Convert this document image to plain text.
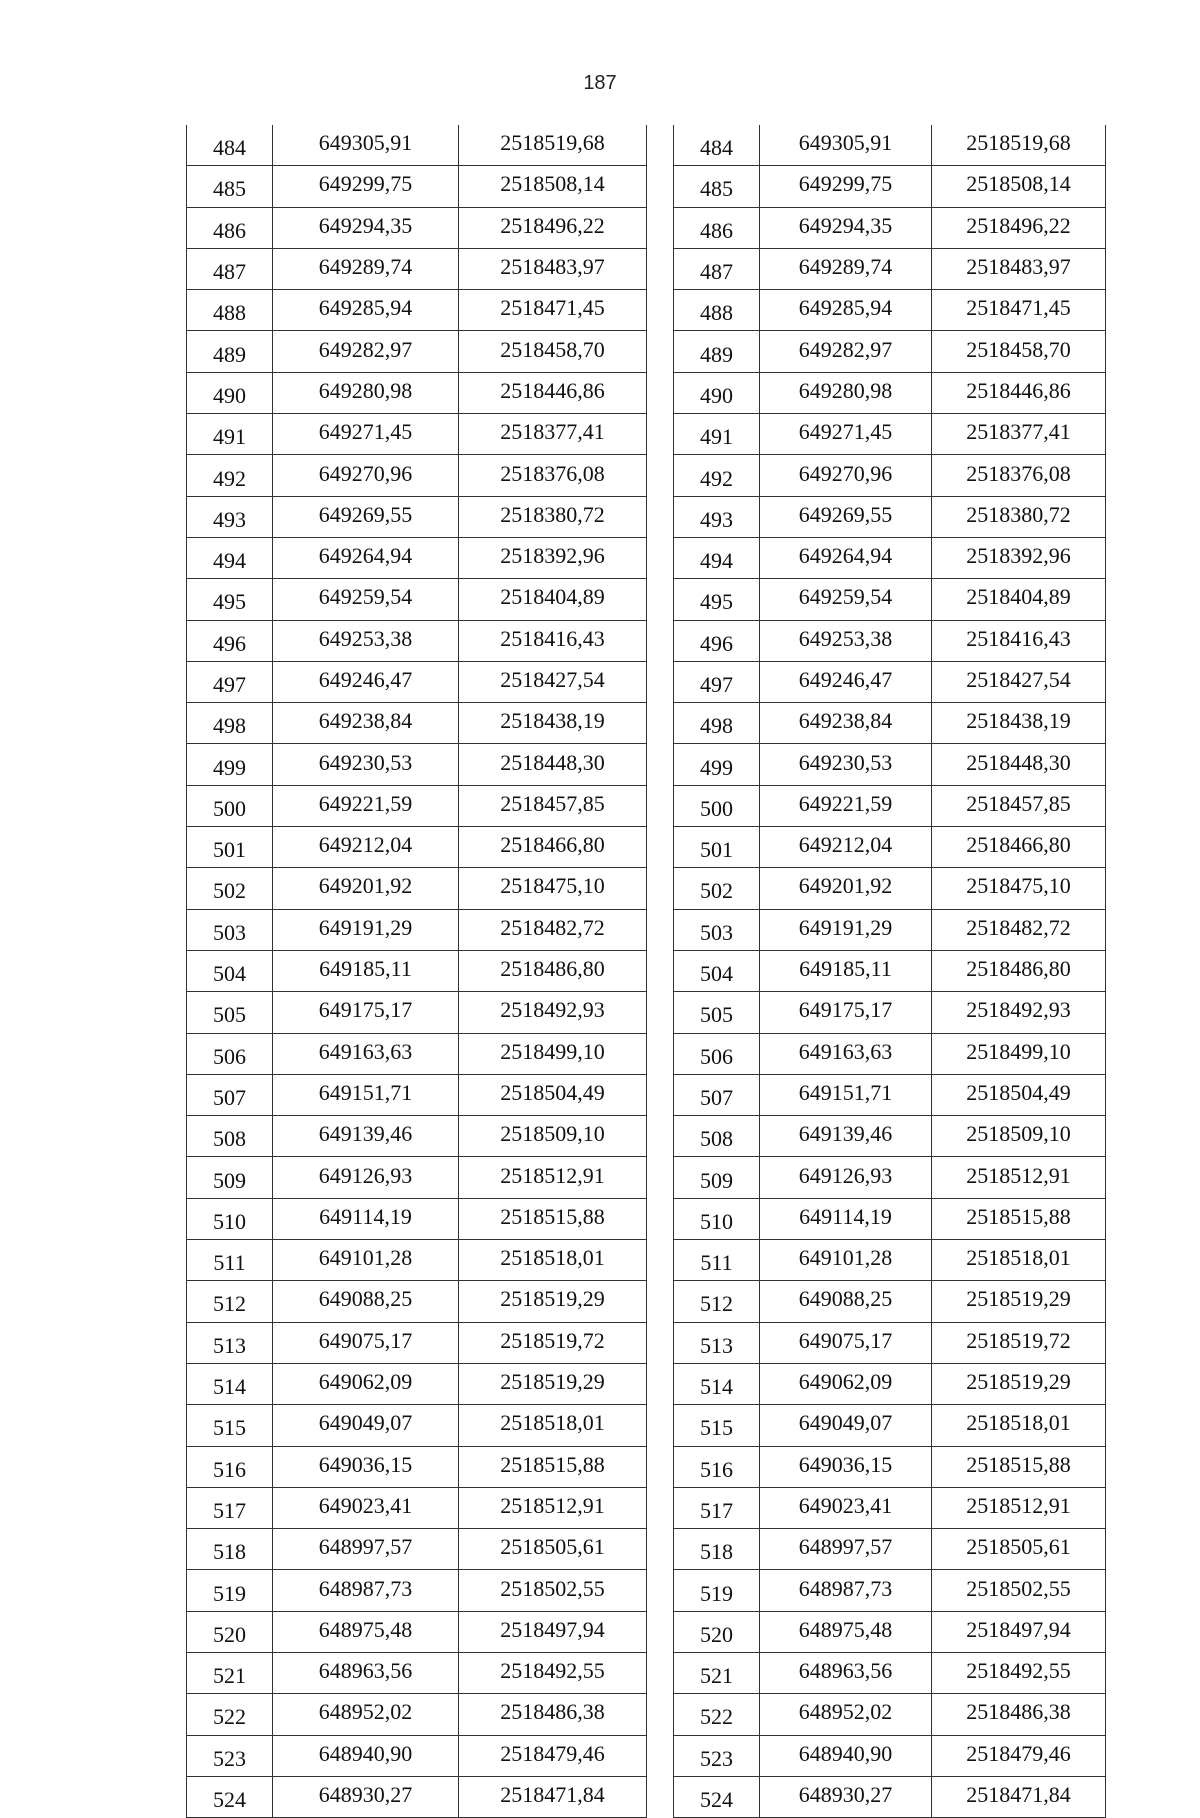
187
484	649305,91	2518519,68
485	649299,75	2518508,14
486	649294,35	2518496,22
487	649289,74	2518483,97
488	649285,94	2518471,45
489	649282,97	2518458,70
490	649280,98	2518446,86
491	649271,45	2518377,41
492	649270,96	2518376,08
493	649269,55	2518380,72
494	649264,94	2518392,96
495	649259,54	2518404,89
496	649253,38	2518416,43
497	649246,47	2518427,54
498	649238,84	2518438,19
499	649230,53	2518448,30
500	649221,59	2518457,85
501	649212,04	2518466,80
502	649201,92	2518475,10
503	649191,29	2518482,72
504	649185,11	2518486,80
505	649175,17	2518492,93
506	649163,63	2518499,10
507	649151,71	2518504,49
508	649139,46	2518509,10
509	649126,93	2518512,91
510	649114,19	2518515,88
511	649101,28	2518518,01
512	649088,25	2518519,29
513	649075,17	2518519,72
514	649062,09	2518519,29
515	649049,07	2518518,01
516	649036,15	2518515,88
517	649023,41	2518512,91
518	648997,57	2518505,61
519	648987,73	2518502,55
520	648975,48	2518497,94
521	648963,56	2518492,55
522	648952,02	2518486,38
523	648940,90	2518479,46
524	648930,27	2518471,84
484	649305,91	2518519,68
485	649299,75	2518508,14
486	649294,35	2518496,22
487	649289,74	2518483,97
488	649285,94	2518471,45
489	649282,97	2518458,70
490	649280,98	2518446,86
491	649271,45	2518377,41
492	649270,96	2518376,08
493	649269,55	2518380,72
494	649264,94	2518392,96
495	649259,54	2518404,89
496	649253,38	2518416,43
497	649246,47	2518427,54
498	649238,84	2518438,19
499	649230,53	2518448,30
500	649221,59	2518457,85
501	649212,04	2518466,80
502	649201,92	2518475,10
503	649191,29	2518482,72
504	649185,11	2518486,80
505	649175,17	2518492,93
506	649163,63	2518499,10
507	649151,71	2518504,49
508	649139,46	2518509,10
509	649126,93	2518512,91
510	649114,19	2518515,88
511	649101,28	2518518,01
512	649088,25	2518519,29
513	649075,17	2518519,72
514	649062,09	2518519,29
515	649049,07	2518518,01
516	649036,15	2518515,88
517	649023,41	2518512,91
518	648997,57	2518505,61
519	648987,73	2518502,55
520	648975,48	2518497,94
521	648963,56	2518492,55
522	648952,02	2518486,38
523	648940,90	2518479,46
524	648930,27	2518471,84
